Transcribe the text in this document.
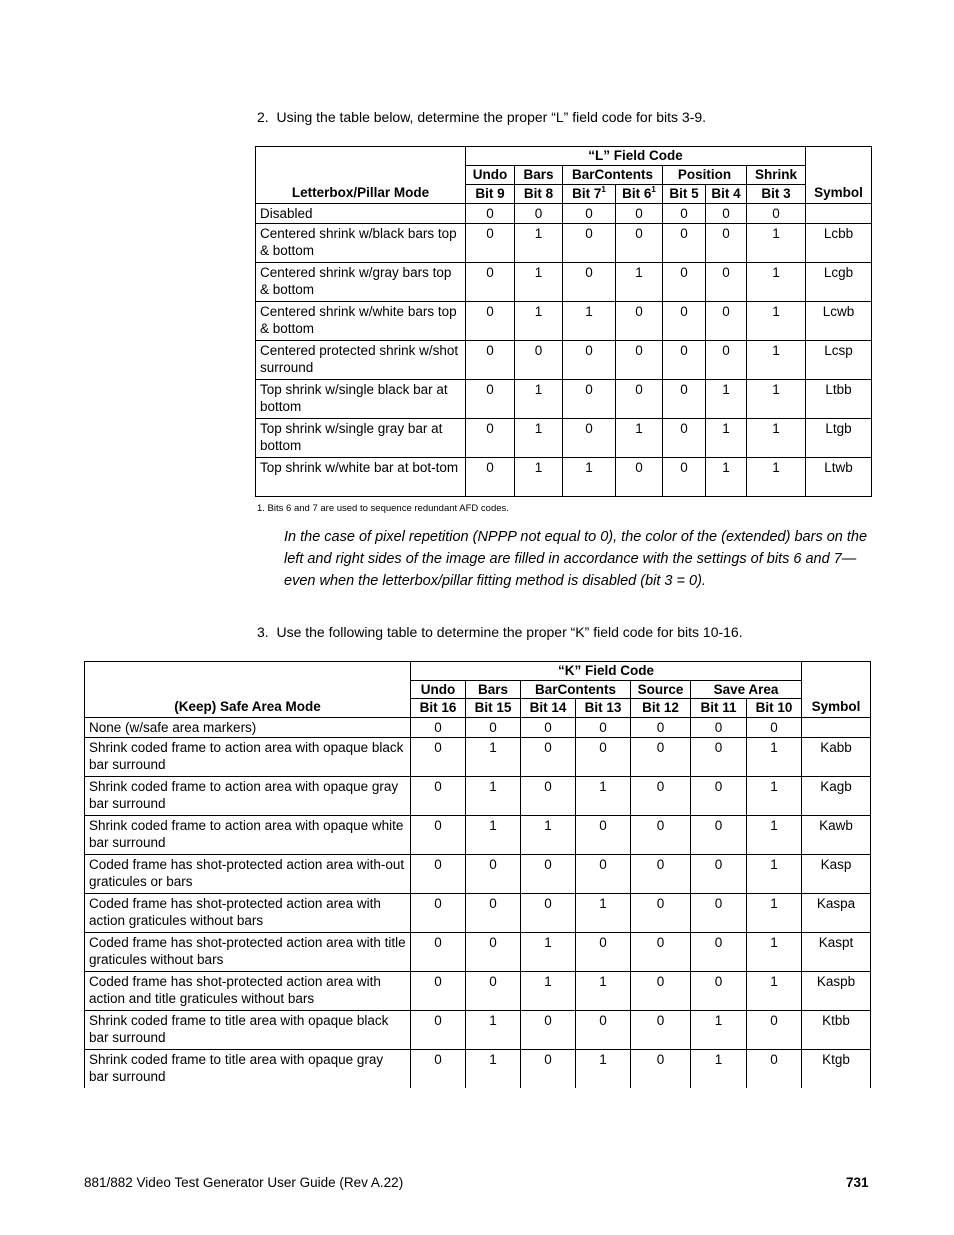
2. Using the table below, determine the proper “L” field code for bits 3-9.
Letterbox/Pillar Mode	“L” Field Code							Symbol
	Undo	Bars	BarContents		Position		Shrink	
	Bit 9	Bit 8	Bit $7^1$	Bit $6^1$	Bit 5	Bit 4	Bit 3	
Disabled	0	0	0	0	0	0	0	
Centered shrink w/black bars top & bottom	0	1	0	0	0	0	1	Lcbb
Centered shrink w/gray bars top & bottom	0	1	0	1	0	0	1	Lcgb
Centered shrink w/white bars top & bottom	0	1	1	0	0	0	1	Lcwb
Centered protected shrink w/shot surround	0	0	0	0	0	0	1	Lcsp
Top shrink w/single black bar at bottom	0	1	0	0	0	1	1	Ltbb
Top shrink w/single gray bar at bottom	0	1	0	1	0	1	1	Ltgb
Top shrink w/white bar at bot-tom	0	1	1	0	0	1	1	Ltwb
1. Bits 6 and 7 are used to sequence redundant AFD codes.
In the case of pixel repetition (NPPP not equal to 0), the color of the (extended) bars on the left and right sides of the image are filled in accordance with the settings of bits 6 and 7—even when the letterbox/pillar fitting method is disabled (bit 3 = 0).
3. Use the following table to determine the proper “K” field code for bits 10-16.
(Keep) Safe Area Mode	“K” Field Code							Symbol
	Undo	Bars	BarContents		Source	Save Area		
	Bit 16	Bit 15	Bit 14	Bit 13	Bit 12	Bit 11	Bit 10	
None (w/safe area markers)	0	0	0	0	0	0	0	
Shrink coded frame to action area with opaque black bar surround	0	1	0	0	0	0	1	Kabb
Shrink coded frame to action area with opaque gray bar surround	0	1	0	1	0	0	1	Kagb
Shrink coded frame to action area with opaque white bar surround	0	1	1	0	0	0	1	Kawb
Coded frame has shot-protected action area with-out graticules or bars	0	0	0	0	0	0	1	Kasp
Coded frame has shot-protected action area with action graticules without bars	0	0	0	1	0	0	1	Kaspa
Coded frame has shot-protected action area with title graticules without bars	0	0	1	0	0	0	1	Kaspt
Coded frame has shot-protected action area with action and title graticules without bars	0	0	1	1	0	0	1	Kaspb
Shrink coded frame to title area with opaque black bar surround	0	1	0	0	0	1	0	Ktbb
Shrink coded frame to title area with opaque gray bar surround	0	1	0	1	0	1	0	Ktgb
881/882 Video Test Generator User Guide (Rev A.22)	731
